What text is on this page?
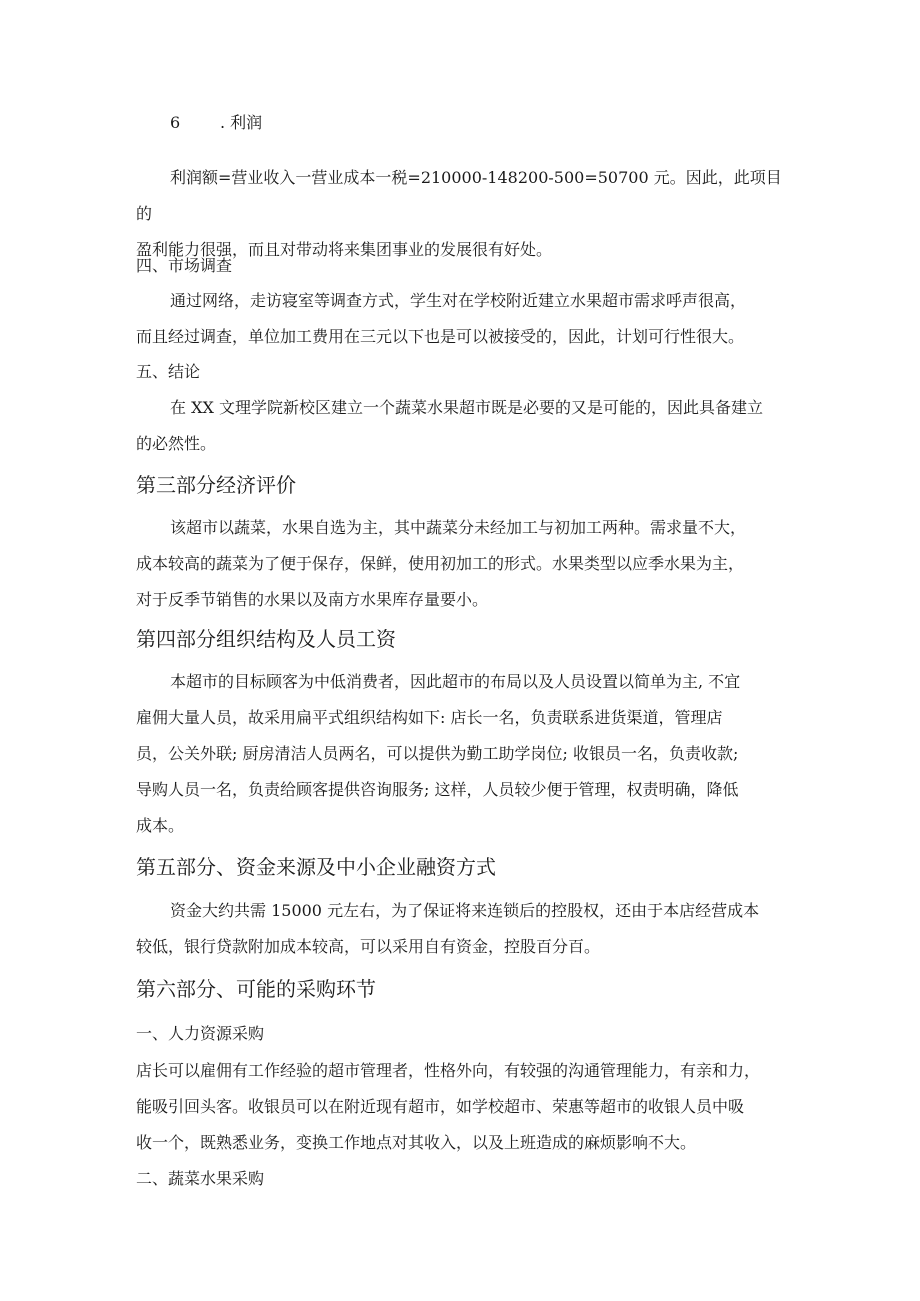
6 . 利润

利润额=营业收入一营业成本一税=210000-148200-500=50700 元。因此，此项目的

盈利能力很强，而且对带动将来集团事业的发展很有好处。

四、市场调查

通过网络，走访寝室等调查方式，学生对在学校附近建立水果超市需求呼声很高，

而且经过调查，单位加工费用在三元以下也是可以被接受的，因此，计划可行性很大。

五、结论

在 XX 文理学院新校区建立一个蔬菜水果超市既是必要的又是可能的，因此具备建立

的必然性。

第三部分经济评价

该超市以蔬菜，水果自选为主，其中蔬菜分未经加工与初加工两种。需求量不大，

成本较高的蔬菜为了便于保存，保鲜，使用初加工的形式。水果类型以应季水果为主，

对于反季节销售的水果以及南方水果库存量要小。

第四部分组织结构及人员工资

本超市的目标顾客为中低消费者，因此超市的布局以及人员设置以简单为主, 不宜

雇佣大量人员，故采用扁平式组织结构如下: 店长一名，负责联系进货渠道，管理店

员，公关外联; 厨房清洁人员两名，可以提供为勤工助学岗位; 收银员一名，负责收款;

导购人员一名，负责给顾客提供咨询服务; 这样，人员较少便于管理，权责明确，降低

成本。

第五部分、资金来源及中小企业融资方式

资金大约共需 15000 元左右，为了保证将来连锁后的控股权，还由于本店经营成本

较低，银行贷款附加成本较高，可以采用自有资金，控股百分百。

第六部分、可能的采购环节

一、人力资源采购

店长可以雇佣有工作经验的超市管理者，性格外向，有较强的沟通管理能力，有亲和力，

能吸引回头客。收银员可以在附近现有超市，如学校超市、荣惠等超市的收银人员中吸

收一个，既熟悉业务，变换工作地点对其收入，以及上班造成的麻烦影响不大。

二、蔬菜水果采购
